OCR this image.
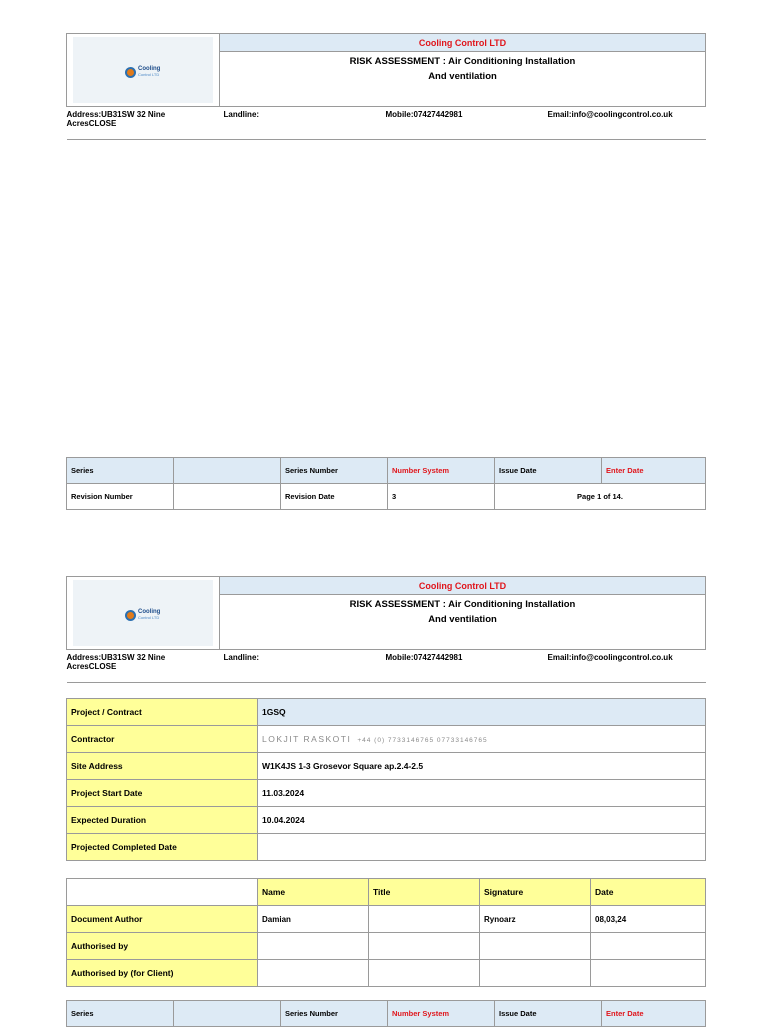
Cooling
Control LTD	Cooling Control LTD		
	RISK ASSESSMENT : Air Conditioning Installation
And ventilation		
Address:UB31SW 32 Nine AcresCLOSE	Landline:	Mobile:07427442981	Email:info@coolingcontrol.co.uk
Series		Series Number	Number System	Issue Date	Enter Date
Revision Number		Revision Date	3	Page 1 of 14.	
Cooling
Control LTD	Cooling Control LTD		
	RISK ASSESSMENT : Air Conditioning Installation
And ventilation		
Address:UB31SW 32 Nine AcresCLOSE	Landline:	Mobile:07427442981	Email:info@coolingcontrol.co.uk
Project / Contract	1GSQ
Contractor	LOKJIT RASKOTI +44 (0) 7733146765 07733146765
Site Address	W1K4JS 1-3 Grosevor Square ap.2.4-2.5
Project Start Date	11.03.2024
Expected Duration	10.04.2024
Projected Completed Date	
	Name	Title	Signature	Date
Document Author	Damian		Rynoarz	08,03,24
Authorised by				
Authorised by (for Client)				
Series		Series Number	Number System	Issue Date	Enter Date
